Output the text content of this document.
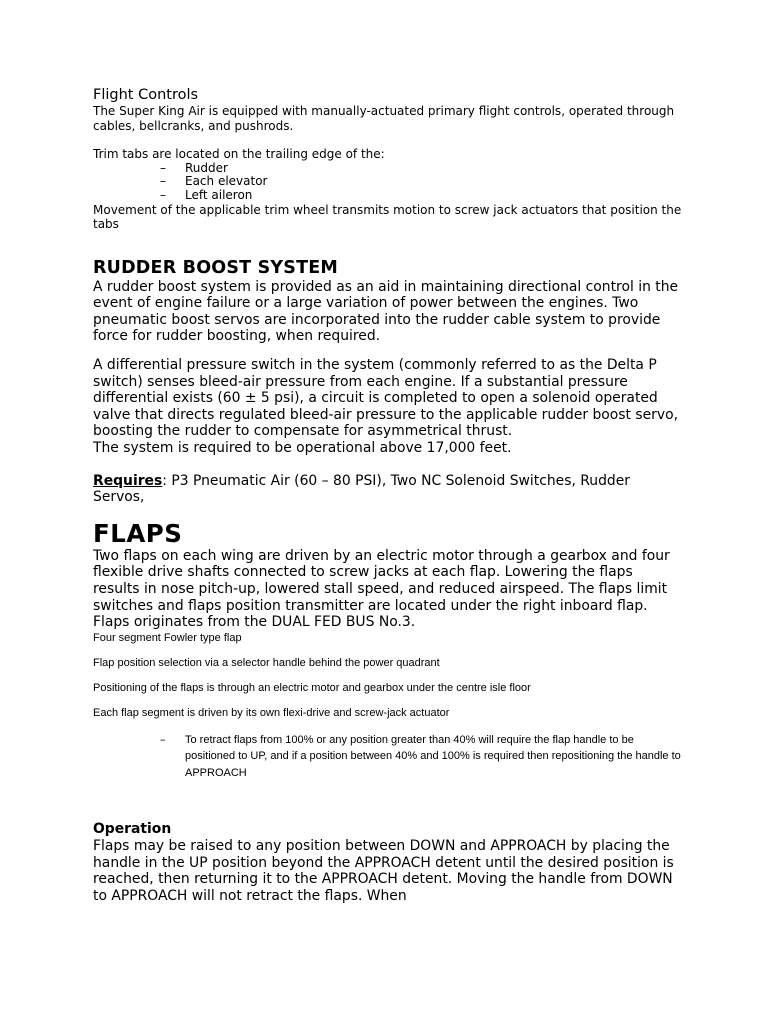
Flight Controls

The Super King Air is equipped with manually-actuated primary flight controls, operated through cables, bellcranks, and pushrods.

Trim tabs are located on the trailing edge of the:

– Rudder
– Each elevator
– Left aileron

Movement of the applicable trim wheel transmits motion to screw jack actuators that position the tabs

RUDDER BOOST SYSTEM

A rudder boost system is provided as an aid in maintaining directional control in the event of engine failure or a large variation of power between the engines. Two pneumatic boost servos are incorporated into the rudder cable system to provide force for rudder boosting, when required.

A differential pressure switch in the system (commonly referred to as the Delta P switch) senses bleed-air pressure from each engine. If a substantial pressure differential exists (60 ± 5 psi), a circuit is completed to open a solenoid operated valve that directs regulated bleed-air pressure to the applicable rudder boost servo, boosting the rudder to compensate for asymmetrical thrust.

The system is required to be operational above 17,000 feet.

Requires: P3 Pneumatic Air (60 – 80 PSI), Two NC Solenoid Switches, Rudder Servos,

FLAPS

Two flaps on each wing are driven by an electric motor through a gearbox and four flexible drive shafts connected to screw jacks at each flap. Lowering the flaps results in nose pitch-up, lowered stall speed, and reduced airspeed. The flaps limit switches and flaps position transmitter are located under the right inboard flap. Flaps originates from the DUAL FED BUS No.3.

Four segment Fowler type flap

Flap position selection via a selector handle behind the power quadrant

Positioning of the flaps is through an electric motor and gearbox under the centre isle floor

Each flap segment is driven by its own flexi-drive and screw-jack actuator

– To retract flaps from 100% or any position greater than 40% will require the flap handle to be positioned to UP, and if a position between 40% and 100% is required then repositioning the handle to APPROACH
Operation

Flaps may be raised to any position between DOWN and APPROACH by placing the handle in the UP position beyond the APPROACH detent until the desired position is reached, then returning it to the APPROACH detent. Moving the handle from DOWN to APPROACH will not retract the flaps. When
